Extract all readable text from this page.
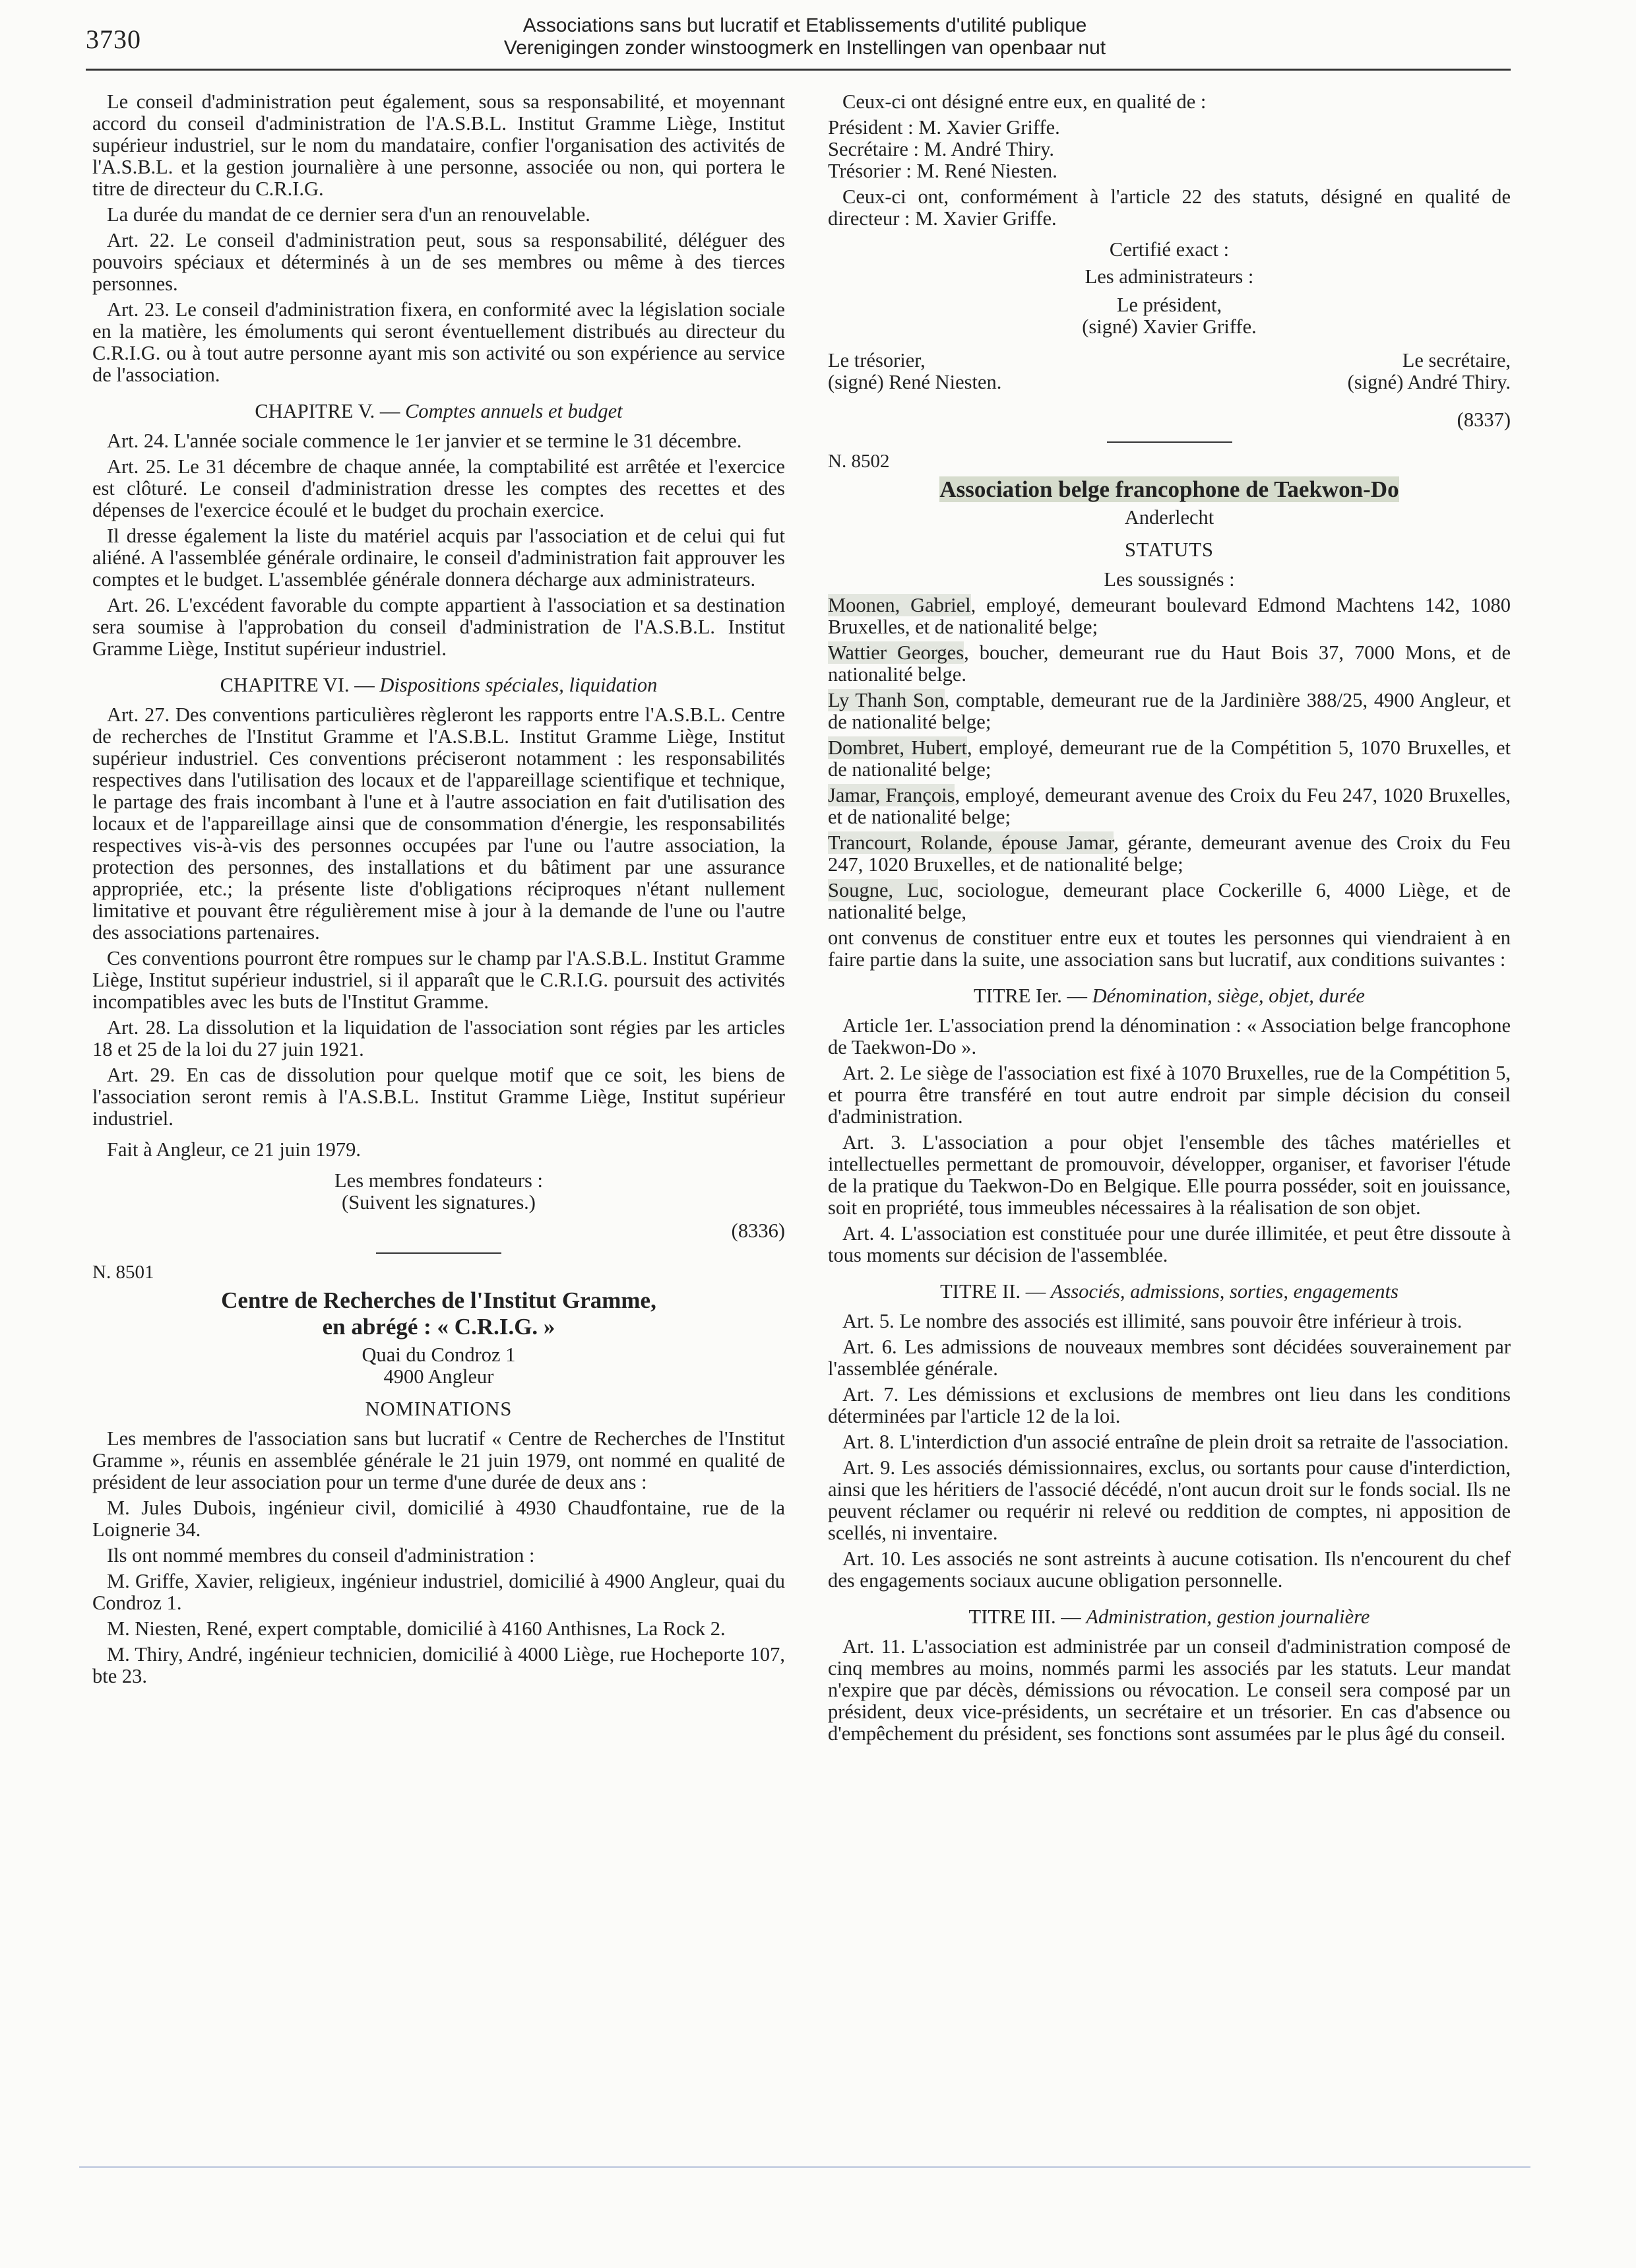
3730	Associations sans but lucratif et Etablissements d'utilité publique
Verenigingen zonder winstoogmerk en Instellingen van openbaar nut

Le conseil d'administration peut également, sous sa responsabilité, et moyennant accord du conseil d'administration de l'A.S.B.L. Institut Gramme Liège, Institut supérieur industriel, sur le nom du mandataire, confier l'organisation des activités de l'A.S.B.L. et la gestion journalière à une personne, associée ou non, qui portera le titre de directeur du C.R.I.G.

La durée du mandat de ce dernier sera d'un an renouvelable.

Art. 22. Le conseil d'administration peut, sous sa responsabilité, déléguer des pouvoirs spéciaux et déterminés à un de ses membres ou même à des tierces personnes.

Art. 23. Le conseil d'administration fixera, en conformité avec la législation sociale en la matière, les émoluments qui seront éventuellement distribués au directeur du C.R.I.G. ou à tout autre personne ayant mis son activité ou son expérience au service de l'association.

CHAPITRE V. — Comptes annuels et budget

Art. 24. L'année sociale commence le 1er janvier et se termine le 31 décembre.

Art. 25. Le 31 décembre de chaque année, la comptabilité est arrêtée et l'exercice est clôturé. Le conseil d'administration dresse les comptes des recettes et des dépenses de l'exercice écoulé et le budget du prochain exercice.

Il dresse également la liste du matériel acquis par l'association et de celui qui fut aliéné. A l'assemblée générale ordinaire, le conseil d'administration fait approuver les comptes et le budget. L'assemblée générale donnera décharge aux administrateurs.

Art. 26. L'excédent favorable du compte appartient à l'association et sa destination sera soumise à l'approbation du conseil d'administration de l'A.S.B.L. Institut Gramme Liège, Institut supérieur industriel.

CHAPITRE VI. — Dispositions spéciales, liquidation

Art. 27. Des conventions particulières règleront les rapports entre l'A.S.B.L. Centre de recherches de l'Institut Gramme et l'A.S.B.L. Institut Gramme Liège, Institut supérieur industriel. Ces conventions préciseront notamment : les responsabilités respectives dans l'utilisation des locaux et de l'appareillage scientifique et technique, le partage des frais incombant à l'une et à l'autre association en fait d'utilisation des locaux et de l'appareillage ainsi que de consommation d'énergie, les responsabilités respectives vis-à-vis des personnes occupées par l'une ou l'autre association, la protection des personnes, des installations et du bâtiment par une assurance appropriée, etc.; la présente liste d'obligations réciproques n'étant nullement limitative et pouvant être régulièrement mise à jour à la demande de l'une ou l'autre des associations partenaires.

Ces conventions pourront être rompues sur le champ par l'A.S.B.L. Institut Gramme Liège, Institut supérieur industriel, si il apparaît que le C.R.I.G. poursuit des activités incompatibles avec les buts de l'Institut Gramme.

Art. 28. La dissolution et la liquidation de l'association sont régies par les articles 18 et 25 de la loi du 27 juin 1921.

Art. 29. En cas de dissolution pour quelque motif que ce soit, les biens de l'association seront remis à l'A.S.B.L. Institut Gramme Liège, Institut supérieur industriel.

Fait à Angleur, ce 21 juin 1979.

Les membres fondateurs :
(Suivent les signatures.)
(8336)
N. 8501
Centre de Recherches de l'Institut Gramme,
en abrégé : « C.R.I.G. »
Quai du Condroz 1
4900 Angleur
NOMINATIONS

Les membres de l'association sans but lucratif « Centre de Recherches de l'Institut Gramme », réunis en assemblée générale le 21 juin 1979, ont nommé en qualité de président de leur association pour un terme d'une durée de deux ans :

M. Jules Dubois, ingénieur civil, domicilié à 4930 Chaudfontaine, rue de la Loignerie 34.

Ils ont nommé membres du conseil d'administration :

M. Griffe, Xavier, religieux, ingénieur industriel, domicilié à 4900 Angleur, quai du Condroz 1.

M. Niesten, René, expert comptable, domicilié à 4160 Anthisnes, La Rock 2.

M. Thiry, André, ingénieur technicien, domicilié à 4000 Liège, rue Hocheporte 107, bte 23.

Ceux-ci ont désigné entre eux, en qualité de :

Président : M. Xavier Griffe.

Secrétaire : M. André Thiry.

Trésorier : M. René Niesten.

Ceux-ci ont, conformément à l'article 22 des statuts, désigné en qualité de directeur : M. Xavier Griffe.

Certifié exact :
Les administrateurs :
Le président,
(signé) Xavier Griffe.
Le trésorier,
(signé) René Niesten.
Le secrétaire,
(signé) André Thiry.
(8337)
N. 8502
Association belge francophone de Taekwon-Do
Anderlecht
STATUTS
Les soussignés :

Moonen, Gabriel, employé, demeurant boulevard Edmond Machtens 142, 1080 Bruxelles, et de nationalité belge;

Wattier Georges, boucher, demeurant rue du Haut Bois 37, 7000 Mons, et de nationalité belge.

Ly Thanh Son, comptable, demeurant rue de la Jardinière 388/25, 4900 Angleur, et de nationalité belge;

Dombret, Hubert, employé, demeurant rue de la Compétition 5, 1070 Bruxelles, et de nationalité belge;

Jamar, François, employé, demeurant avenue des Croix du Feu 247, 1020 Bruxelles, et de nationalité belge;

Trancourt, Rolande, épouse Jamar, gérante, demeurant avenue des Croix du Feu 247, 1020 Bruxelles, et de nationalité belge;

Sougne, Luc, sociologue, demeurant place Cockerille 6, 4000 Liège, et de nationalité belge,

ont convenus de constituer entre eux et toutes les personnes qui viendraient à en faire partie dans la suite, une association sans but lucratif, aux conditions suivantes :

TITRE Ier. — Dénomination, siège, objet, durée

Article 1er. L'association prend la dénomination : « Association belge francophone de Taekwon-Do ».

Art. 2. Le siège de l'association est fixé à 1070 Bruxelles, rue de la Compétition 5, et pourra être transféré en tout autre endroit par simple décision du conseil d'administration.

Art. 3. L'association a pour objet l'ensemble des tâches matérielles et intellectuelles permettant de promouvoir, développer, organiser, et favoriser l'étude de la pratique du Taekwon-Do en Belgique. Elle pourra posséder, soit en jouissance, soit en propriété, tous immeubles nécessaires à la réalisation de son objet.

Art. 4. L'association est constituée pour une durée illimitée, et peut être dissoute à tous moments sur décision de l'assemblée.

TITRE II. — Associés, admissions, sorties, engagements

Art. 5. Le nombre des associés est illimité, sans pouvoir être inférieur à trois.

Art. 6. Les admissions de nouveaux membres sont décidées souverainement par l'assemblée générale.

Art. 7. Les démissions et exclusions de membres ont lieu dans les conditions déterminées par l'article 12 de la loi.

Art. 8. L'interdiction d'un associé entraîne de plein droit sa retraite de l'association.

Art. 9. Les associés démissionnaires, exclus, ou sortants pour cause d'interdiction, ainsi que les héritiers de l'associé décédé, n'ont aucun droit sur le fonds social. Ils ne peuvent réclamer ou requérir ni relevé ou reddition de comptes, ni apposition de scellés, ni inventaire.

Art. 10. Les associés ne sont astreints à aucune cotisation. Ils n'encourent du chef des engagements sociaux aucune obligation personnelle.

TITRE III. — Administration, gestion journalière

Art. 11. L'association est administrée par un conseil d'administration composé de cinq membres au moins, nommés parmi les associés par les statuts. Leur mandat n'expire que par décès, démissions ou révocation. Le conseil sera composé par un président, deux vice-présidents, un secrétaire et un trésorier. En cas d'absence ou d'empêchement du président, ses fonctions sont assumées par le plus âgé du conseil.
